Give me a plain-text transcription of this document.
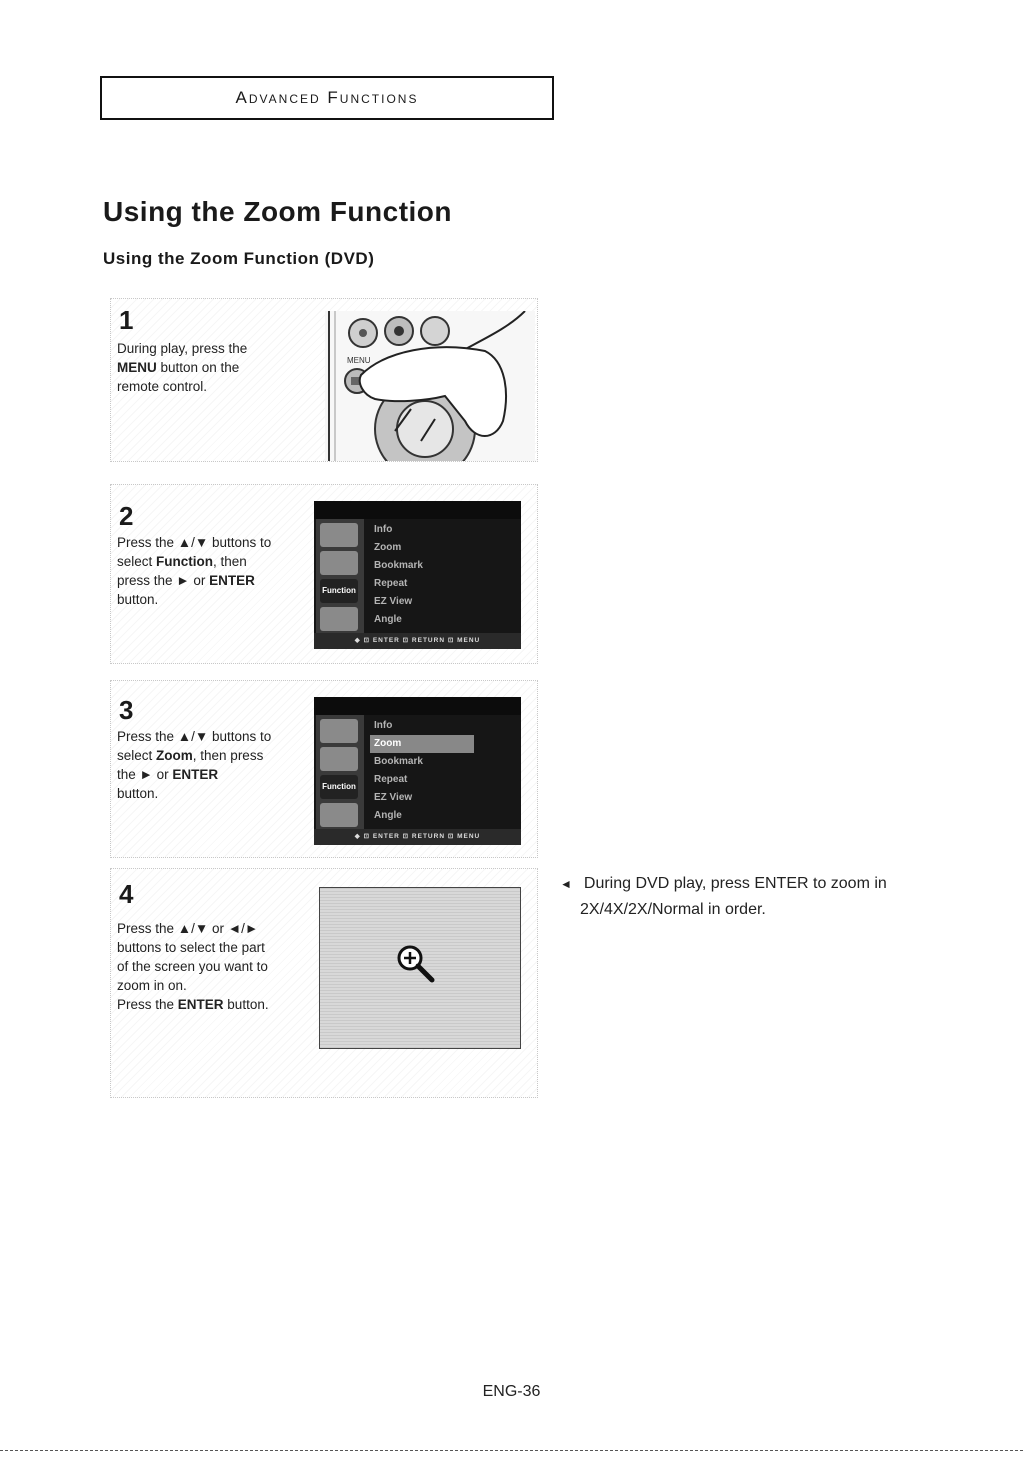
Advanced Functions
Using the Zoom Function
Using the Zoom Function (DVD)
1
During play, press the
MENU button on the
remote control.
MENU
2
Press the ▲/▼ buttons to
select Function, then
press the ► or ENTER
button.
Function
Info
Zoom
Bookmark
Repeat
EZ View
Angle
◆ ⊡ ENTER ⊡ RETURN ⊡ MENU
3
Press the ▲/▼ buttons to
select Zoom, then press
the ► or ENTER
button.	Function
Info
Zoom
Bookmark
Repeat
EZ View
Angle
◆ ⊡ ENTER ⊡ RETURN ⊡ MENU
4
Press the ▲/▼ or ◄/►
buttons to select the part
of the screen you want to
zoom in on.
Press the ENTER button.
◄ During DVD play, press ENTER to zoom in
2X/4X/2X/Normal in order.
ENG-36
